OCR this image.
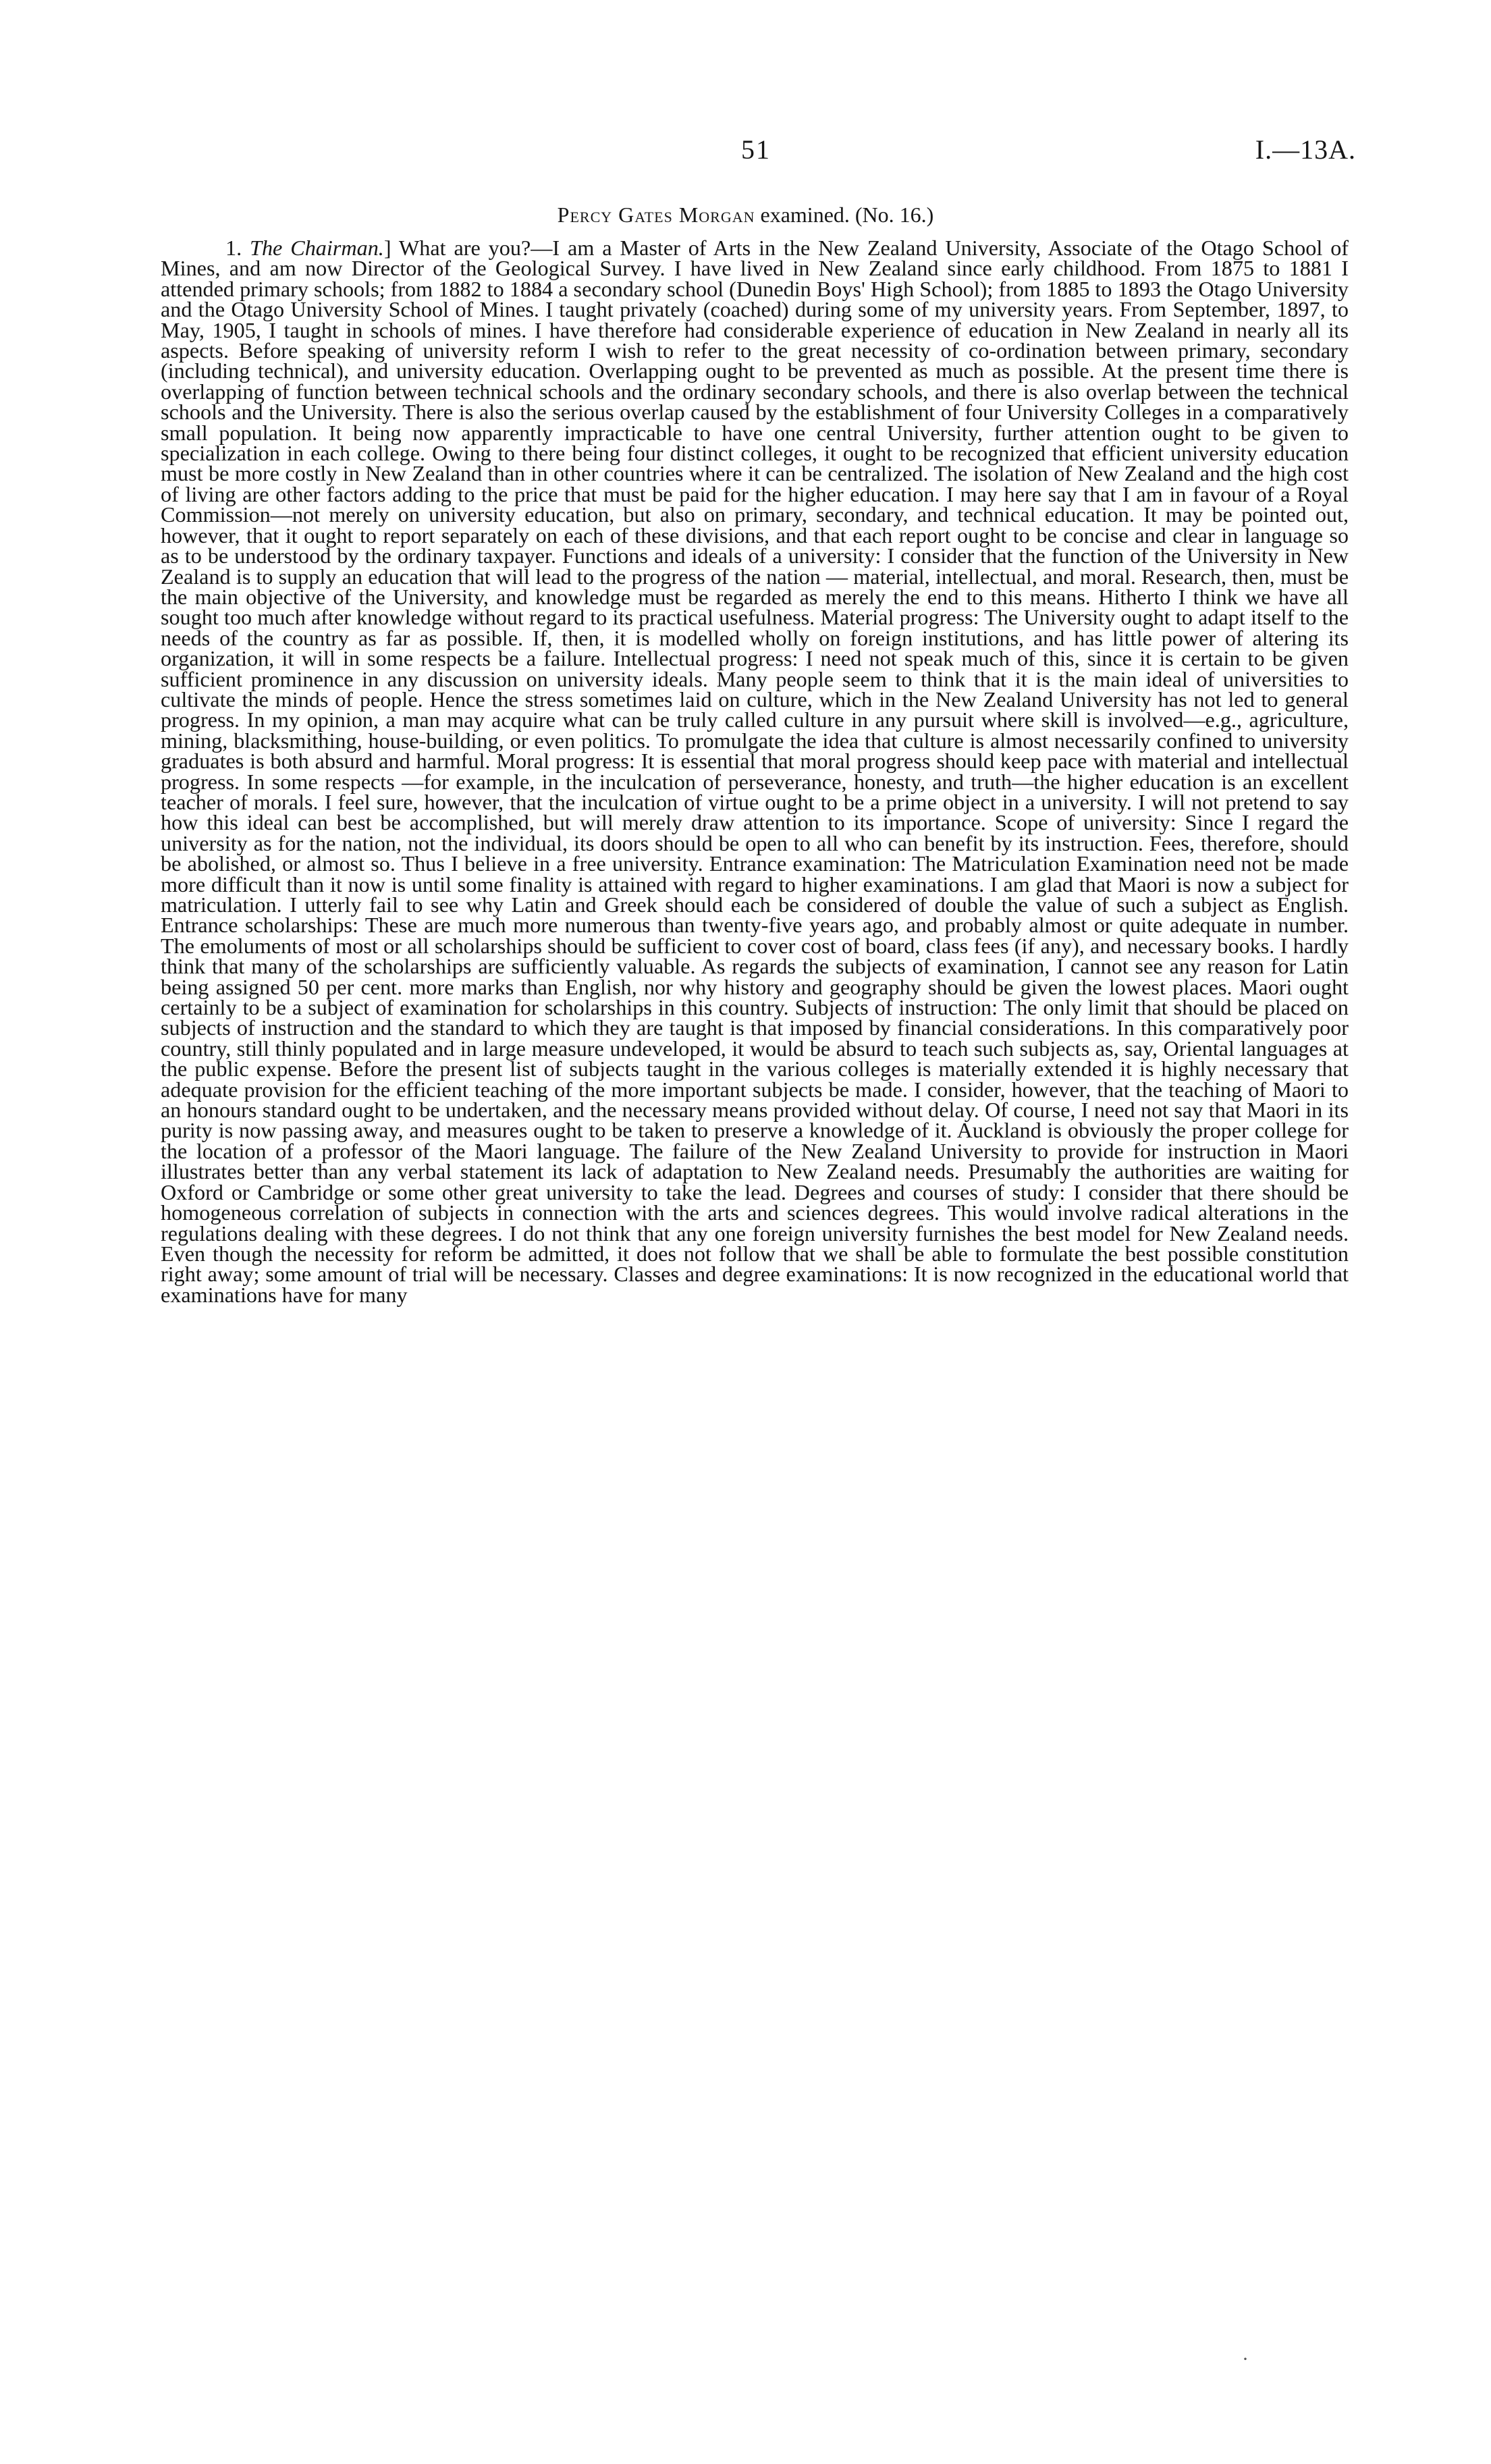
51	I.—13A.
Percy Gates Morgan examined. (No. 16.)

1. The Chairman.] What are you?—I am a Master of Arts in the New Zealand University, Associate of the Otago School of Mines, and am now Director of the Geological Survey. I have lived in New Zealand since early childhood. From 1875 to 1881 I attended primary schools; from 1882 to 1884 a secondary school (Dunedin Boys' High School); from 1885 to 1893 the Otago University and the Otago University School of Mines. I taught privately (coached) during some of my university years. From September, 1897, to May, 1905, I taught in schools of mines. I have therefore had considerable experience of education in New Zealand in nearly all its aspects. Before speaking of university reform I wish to refer to the great necessity of co-ordination between primary, secondary (including technical), and university education. Overlapping ought to be prevented as much as possible. At the present time there is overlapping of function between technical schools and the ordinary secondary schools, and there is also overlap between the technical schools and the University. There is also the serious overlap caused by the establishment of four University Colleges in a comparatively small population. It being now apparently impracticable to have one central University, further attention ought to be given to specialization in each college. Owing to there being four distinct colleges, it ought to be recognized that efficient university education must be more costly in New Zealand than in other countries where it can be centralized. The isolation of New Zealand and the high cost of living are other factors adding to the price that must be paid for the higher education. I may here say that I am in favour of a Royal Commission—not merely on university education, but also on primary, secondary, and technical education. It may be pointed out, however, that it ought to report separately on each of these divisions, and that each report ought to be concise and clear in language so as to be understood by the ordinary taxpayer. Functions and ideals of a university: I consider that the function of the University in New Zealand is to supply an education that will lead to the progress of the nation — material, intellectual, and moral. Research, then, must be the main objective of the University, and knowledge must be regarded as merely the end to this means. Hitherto I think we have all sought too much after knowledge without regard to its practical usefulness. Material progress: The University ought to adapt itself to the needs of the country as far as possible. If, then, it is modelled wholly on foreign institutions, and has little power of altering its organization, it will in some respects be a failure. Intellectual progress: I need not speak much of this, since it is certain to be given sufficient prominence in any discussion on university ideals. Many people seem to think that it is the main ideal of universities to cultivate the minds of people. Hence the stress sometimes laid on culture, which in the New Zealand University has not led to general progress. In my opinion, a man may acquire what can be truly called culture in any pursuit where skill is involved—e.g., agriculture, mining, blacksmithing, house-building, or even politics. To promulgate the idea that culture is almost necessarily confined to university graduates is both absurd and harmful. Moral progress: It is essential that moral progress should keep pace with material and intellectual progress. In some respects —for example, in the inculcation of perseverance, honesty, and truth—the higher education is an excellent teacher of morals. I feel sure, however, that the inculcation of virtue ought to be a prime object in a university. I will not pretend to say how this ideal can best be accomplished, but will merely draw attention to its importance. Scope of university: Since I regard the university as for the nation, not the individual, its doors should be open to all who can benefit by its instruction. Fees, therefore, should be abolished, or almost so. Thus I believe in a free university. Entrance examination: The Matriculation Examination need not be made more difficult than it now is until some finality is attained with regard to higher examinations. I am glad that Maori is now a subject for matriculation. I utterly fail to see why Latin and Greek should each be considered of double the value of such a subject as English. Entrance scholarships: These are much more numerous than twenty-five years ago, and probably almost or quite adequate in number. The emoluments of most or all scholarships should be sufficient to cover cost of board, class fees (if any), and necessary books. I hardly think that many of the scholarships are sufficiently valuable. As regards the subjects of examination, I cannot see any reason for Latin being assigned 50 per cent. more marks than English, nor why history and geography should be given the lowest places. Maori ought certainly to be a subject of examination for scholarships in this country. Subjects of instruction: The only limit that should be placed on subjects of instruction and the standard to which they are taught is that imposed by financial considerations. In this comparatively poor country, still thinly populated and in large measure undeveloped, it would be absurd to teach such subjects as, say, Oriental languages at the public expense. Before the present list of subjects taught in the various colleges is materially extended it is highly necessary that adequate provision for the efficient teaching of the more important subjects be made. I consider, however, that the teaching of Maori to an honours standard ought to be undertaken, and the necessary means provided without delay. Of course, I need not say that Maori in its purity is now passing away, and measures ought to be taken to preserve a knowledge of it. Auckland is obviously the proper college for the location of a professor of the Maori language. The failure of the New Zealand University to provide for instruction in Maori illustrates better than any verbal statement its lack of adaptation to New Zealand needs. Presumably the authorities are waiting for Oxford or Cambridge or some other great university to take the lead. Degrees and courses of study: I consider that there should be homogeneous correlation of subjects in connection with the arts and sciences degrees. This would involve radical alterations in the regulations dealing with these degrees. I do not think that any one foreign university furnishes the best model for New Zealand needs. Even though the necessity for reform be admitted, it does not follow that we shall be able to formulate the best possible constitution right away; some amount of trial will be necessary. Classes and degree examinations: It is now recognized in the educational world that examinations have for many

·
